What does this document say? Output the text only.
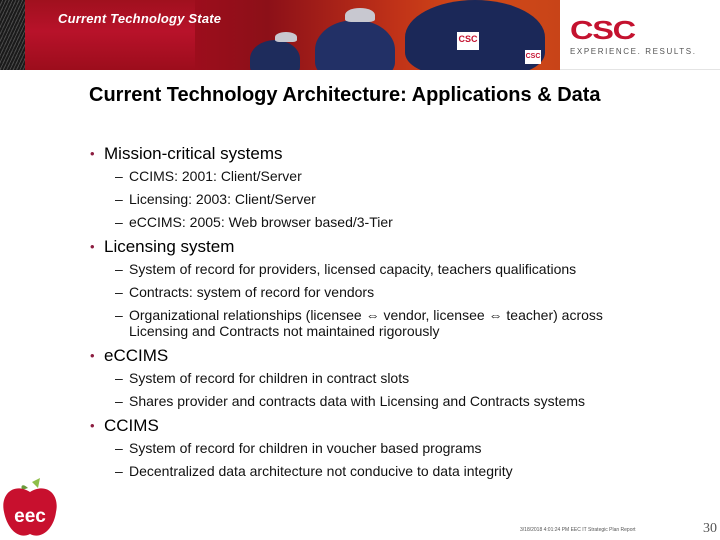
CSC
CSC
Current Technology State	CSC
EXPERIENCE. RESULTS.
Current Technology Architecture: Applications & Data
• Mission-critical systems
– CCIMS: 2001: Client/Server
– Licensing: 2003: Client/Server
– eCCIMS: 2005: Web browser based/3-Tier
• Licensing system
– System of record for providers, licensed capacity, teachers qualifications
– Contracts: system of record for vendors
– Organizational relationships (licensee ⇔ vendor, licensee ⇔ teacher) across Licensing and Contracts not maintained rigorously
• eCCIMS
– System of record for children in contract slots
– Shares provider and contracts data with Licensing and Contracts systems
• CCIMS
– System of record for children in voucher based programs
– Decentralized data architecture not conducive to data integrity
eec
3/18/2018 4:01:24 PM EEC IT Strategic Plan Report	30
